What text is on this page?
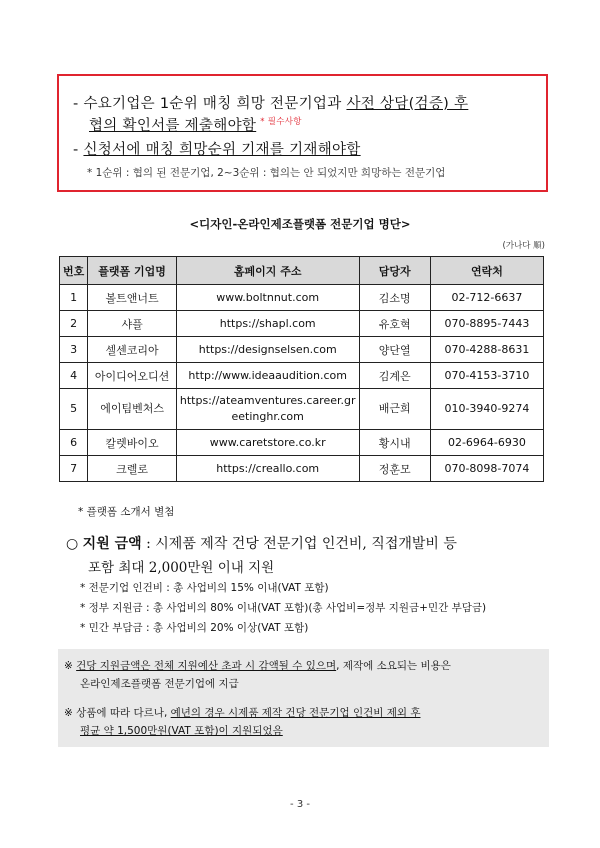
- 수요기업은 1순위 매칭 희망 전문기업과 사전 상담(검증) 후
협의 확인서를 제출해야함 $^{* 필수사항}$
- 신청서에 매칭 희망순위 기재를 기재해야함
* 1순위 : 협의 된 전문기업, 2~3순위 : 협의는 안 되었지만 희망하는 전문기업
<디자인-온라인제조플랫폼 전문기업 명단>
(가나다 順)
번호	플랫폼 기업명	홈페이지 주소	담당자	연락처
1	볼트앤너트	www.boltnnut.com	김소명	02-712-6637
2	샤플	https://shapl.com	유호혁	070-8895-7443
3	셀센코리아	https://designselsen.com	양단열	070-4288-8631
4	아이디어오디션	http://www.ideaaudition.com	김계은	070-4153-3710
5	에이팀벤처스	https://ateamventures.career.gr
eetinghr.com	배근희	010-3940-9274
6	칼렛바이오	www.caretstore.co.kr	황시내	02-6964-6930
7	크렐로	https://creallo.com	정훈모	070-8098-7074
* 플랫폼 소개서 별첨
○ 지원 금액 : 시제품 제작 건당 전문기업 인건비, 직접개발비 등
포함 최대 2,000만원 이내 지원
* 전문기업 인건비 : 총 사업비의 15% 이내(VAT 포함)
* 정부 지원금 : 총 사업비의 80% 이내(VAT 포함)(총 사업비=정부 지원금+민간 부담금)
* 민간 부담금 : 총 사업비의 20% 이상(VAT 포함)
※ 건당 지원금액은 전체 지원예산 초과 시 감액될 수 있으며, 제작에 소요되는 비용은
온라인제조플랫폼 전문기업에 지급
※ 상품에 따라 다르나, 예년의 경우 시제품 제작 건당 전문기업 인건비 제외 후
평균 약 1,500만원(VAT 포함)이 지원되었음
- 3 -
